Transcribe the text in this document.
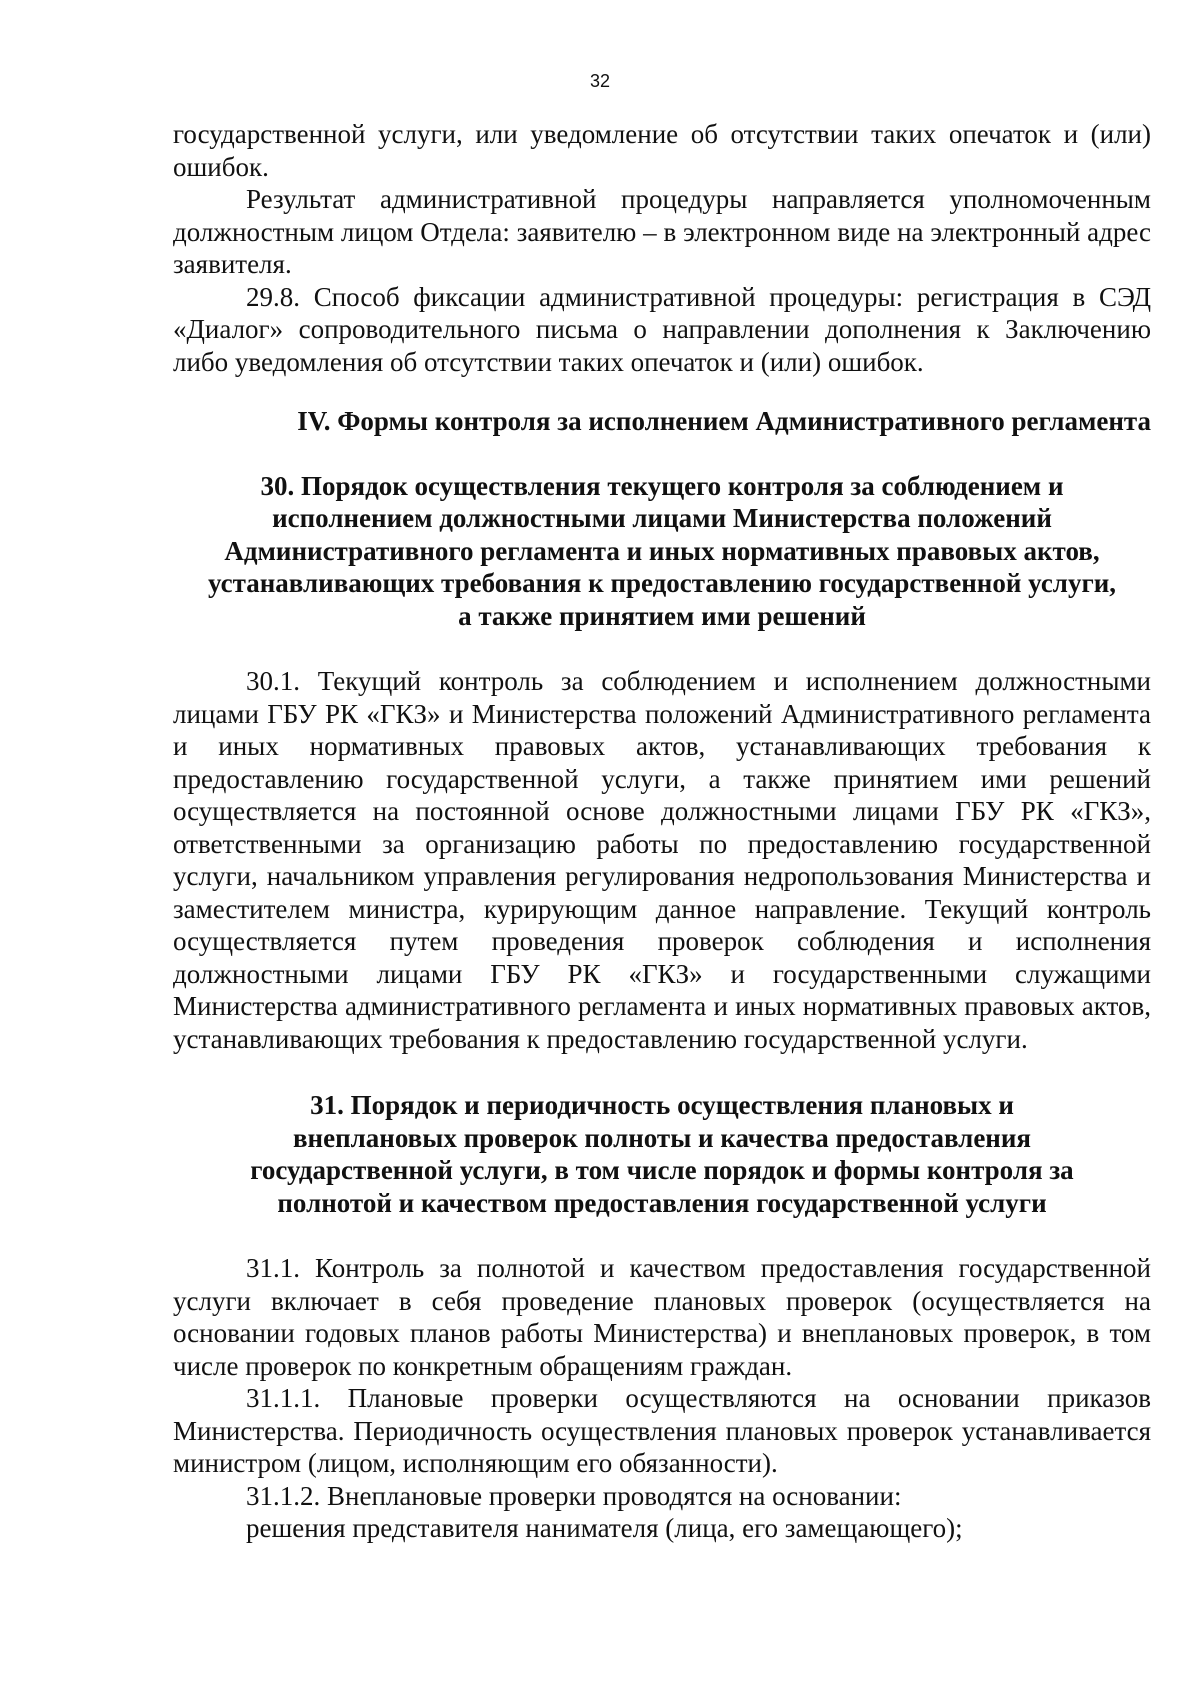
32

государственной услуги, или уведомление об отсутствии таких опечаток и (или) ошибок.

Результат административной процедуры направляется уполномоченным должностным лицом Отдела: заявителю – в электронном виде на электронный адрес заявителя.

29.8. Способ фиксации административной процедуры: регистрация в СЭД «Диалог» сопроводительного письма о направлении дополнения к Заключению либо уведомления об отсутствии таких опечаток и (или) ошибок.

IV. Формы контроля за исполнением Административного регламента
30. Порядок осуществления текущего контроля за соблюдением и
исполнением должностными лицами Министерства положений
Административного регламента и иных нормативных правовых актов,
устанавливающих требования к предоставлению государственной услуги,
а также принятием ими решений

30.1. Текущий контроль за соблюдением и исполнением должностными лицами ГБУ РК «ГКЗ» и Министерства положений Административного регламента и иных нормативных правовых актов, устанавливающих требования к предоставлению государственной услуги, а также принятием ими решений осуществляется на постоянной основе должностными лицами ГБУ РК «ГКЗ», ответственными за организацию работы по предоставлению государственной услуги, начальником управления регулирования недропользования Министерства и заместителем министра, курирующим данное направление. Текущий контроль осуществляется путем проведения проверок соблюдения и исполнения должностными лицами ГБУ РК «ГКЗ» и государственными служащими Министерства административного регламента и иных нормативных правовых актов, устанавливающих требования к предоставлению государственной услуги.

31. Порядок и периодичность осуществления плановых и
внеплановых проверок полноты и качества предоставления
государственной услуги, в том числе порядок и формы контроля за
полнотой и качеством предоставления государственной услуги

31.1. Контроль за полнотой и качеством предоставления государственной услуги включает в себя проведение плановых проверок (осуществляется на основании годовых планов работы Министерства) и внеплановых проверок, в том числе проверок по конкретным обращениям граждан.

31.1.1. Плановые проверки осуществляются на основании приказов Министерства. Периодичность осуществления плановых проверок устанавливается министром (лицом, исполняющим его обязанности).

31.1.2. Внеплановые проверки проводятся на основании:

решения представителя нанимателя (лица, его замещающего);
